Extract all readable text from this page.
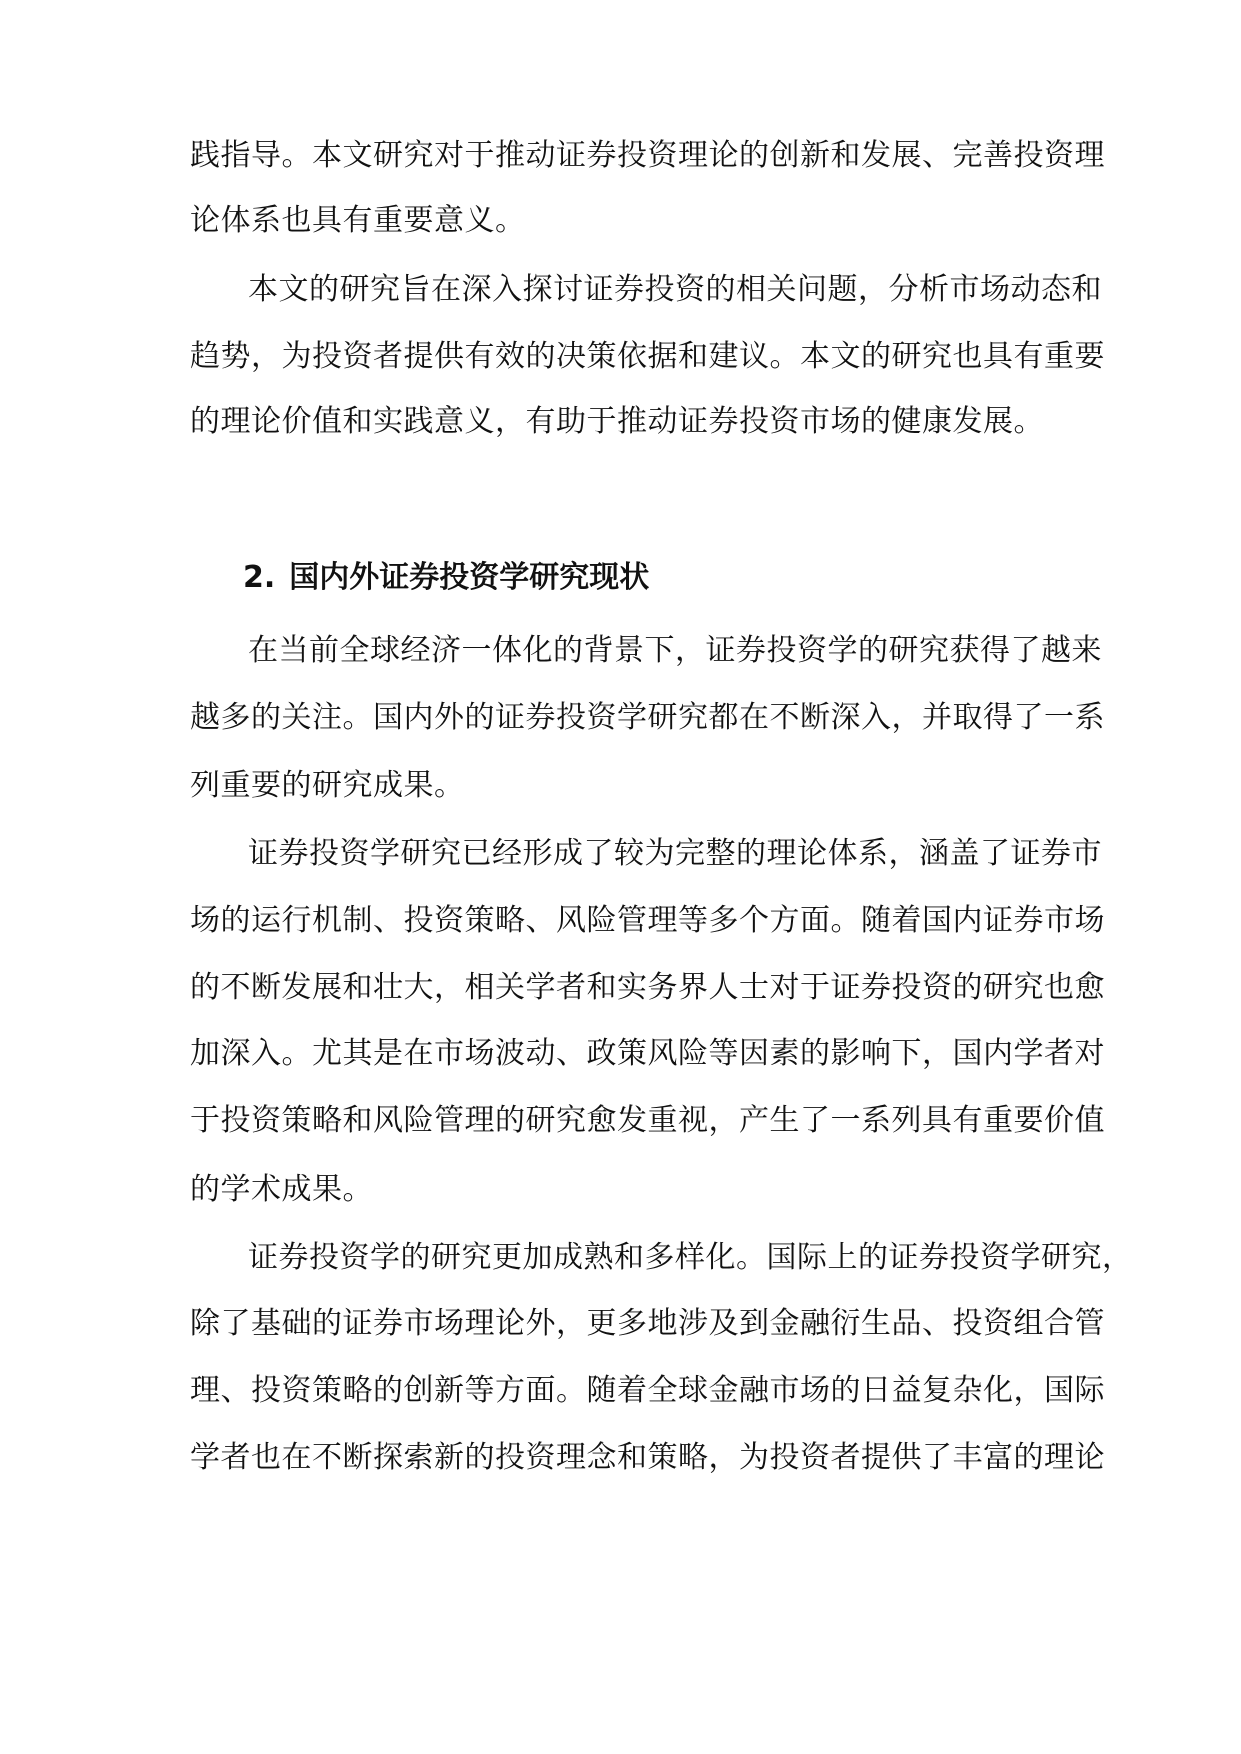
践指导。本文研究对于推动证券投资理论的创新和发展、完善投资理
论体系也具有重要意义。
本文的研究旨在深入探讨证券投资的相关问题，分析市场动态和
趋势，为投资者提供有效的决策依据和建议。本文的研究也具有重要
的理论价值和实践意义，有助于推动证券投资市场的健康发展。
2. 国内外证券投资学研究现状
在当前全球经济一体化的背景下，证券投资学的研究获得了越来
越多的关注。国内外的证券投资学研究都在不断深入，并取得了一系
列重要的研究成果。
证券投资学研究已经形成了较为完整的理论体系，涵盖了证券市
场的运行机制、投资策略、风险管理等多个方面。随着国内证券市场
的不断发展和壮大，相关学者和实务界人士对于证券投资的研究也愈
加深入。尤其是在市场波动、政策风险等因素的影响下，国内学者对
于投资策略和风险管理的研究愈发重视，产生了一系列具有重要价值
的学术成果。
证券投资学的研究更加成熟和多样化。国际上的证券投资学研究，
除了基础的证券市场理论外，更多地涉及到金融衍生品、投资组合管
理、投资策略的创新等方面。随着全球金融市场的日益复杂化，国际
学者也在不断探索新的投资理念和策略，为投资者提供了丰富的理论
